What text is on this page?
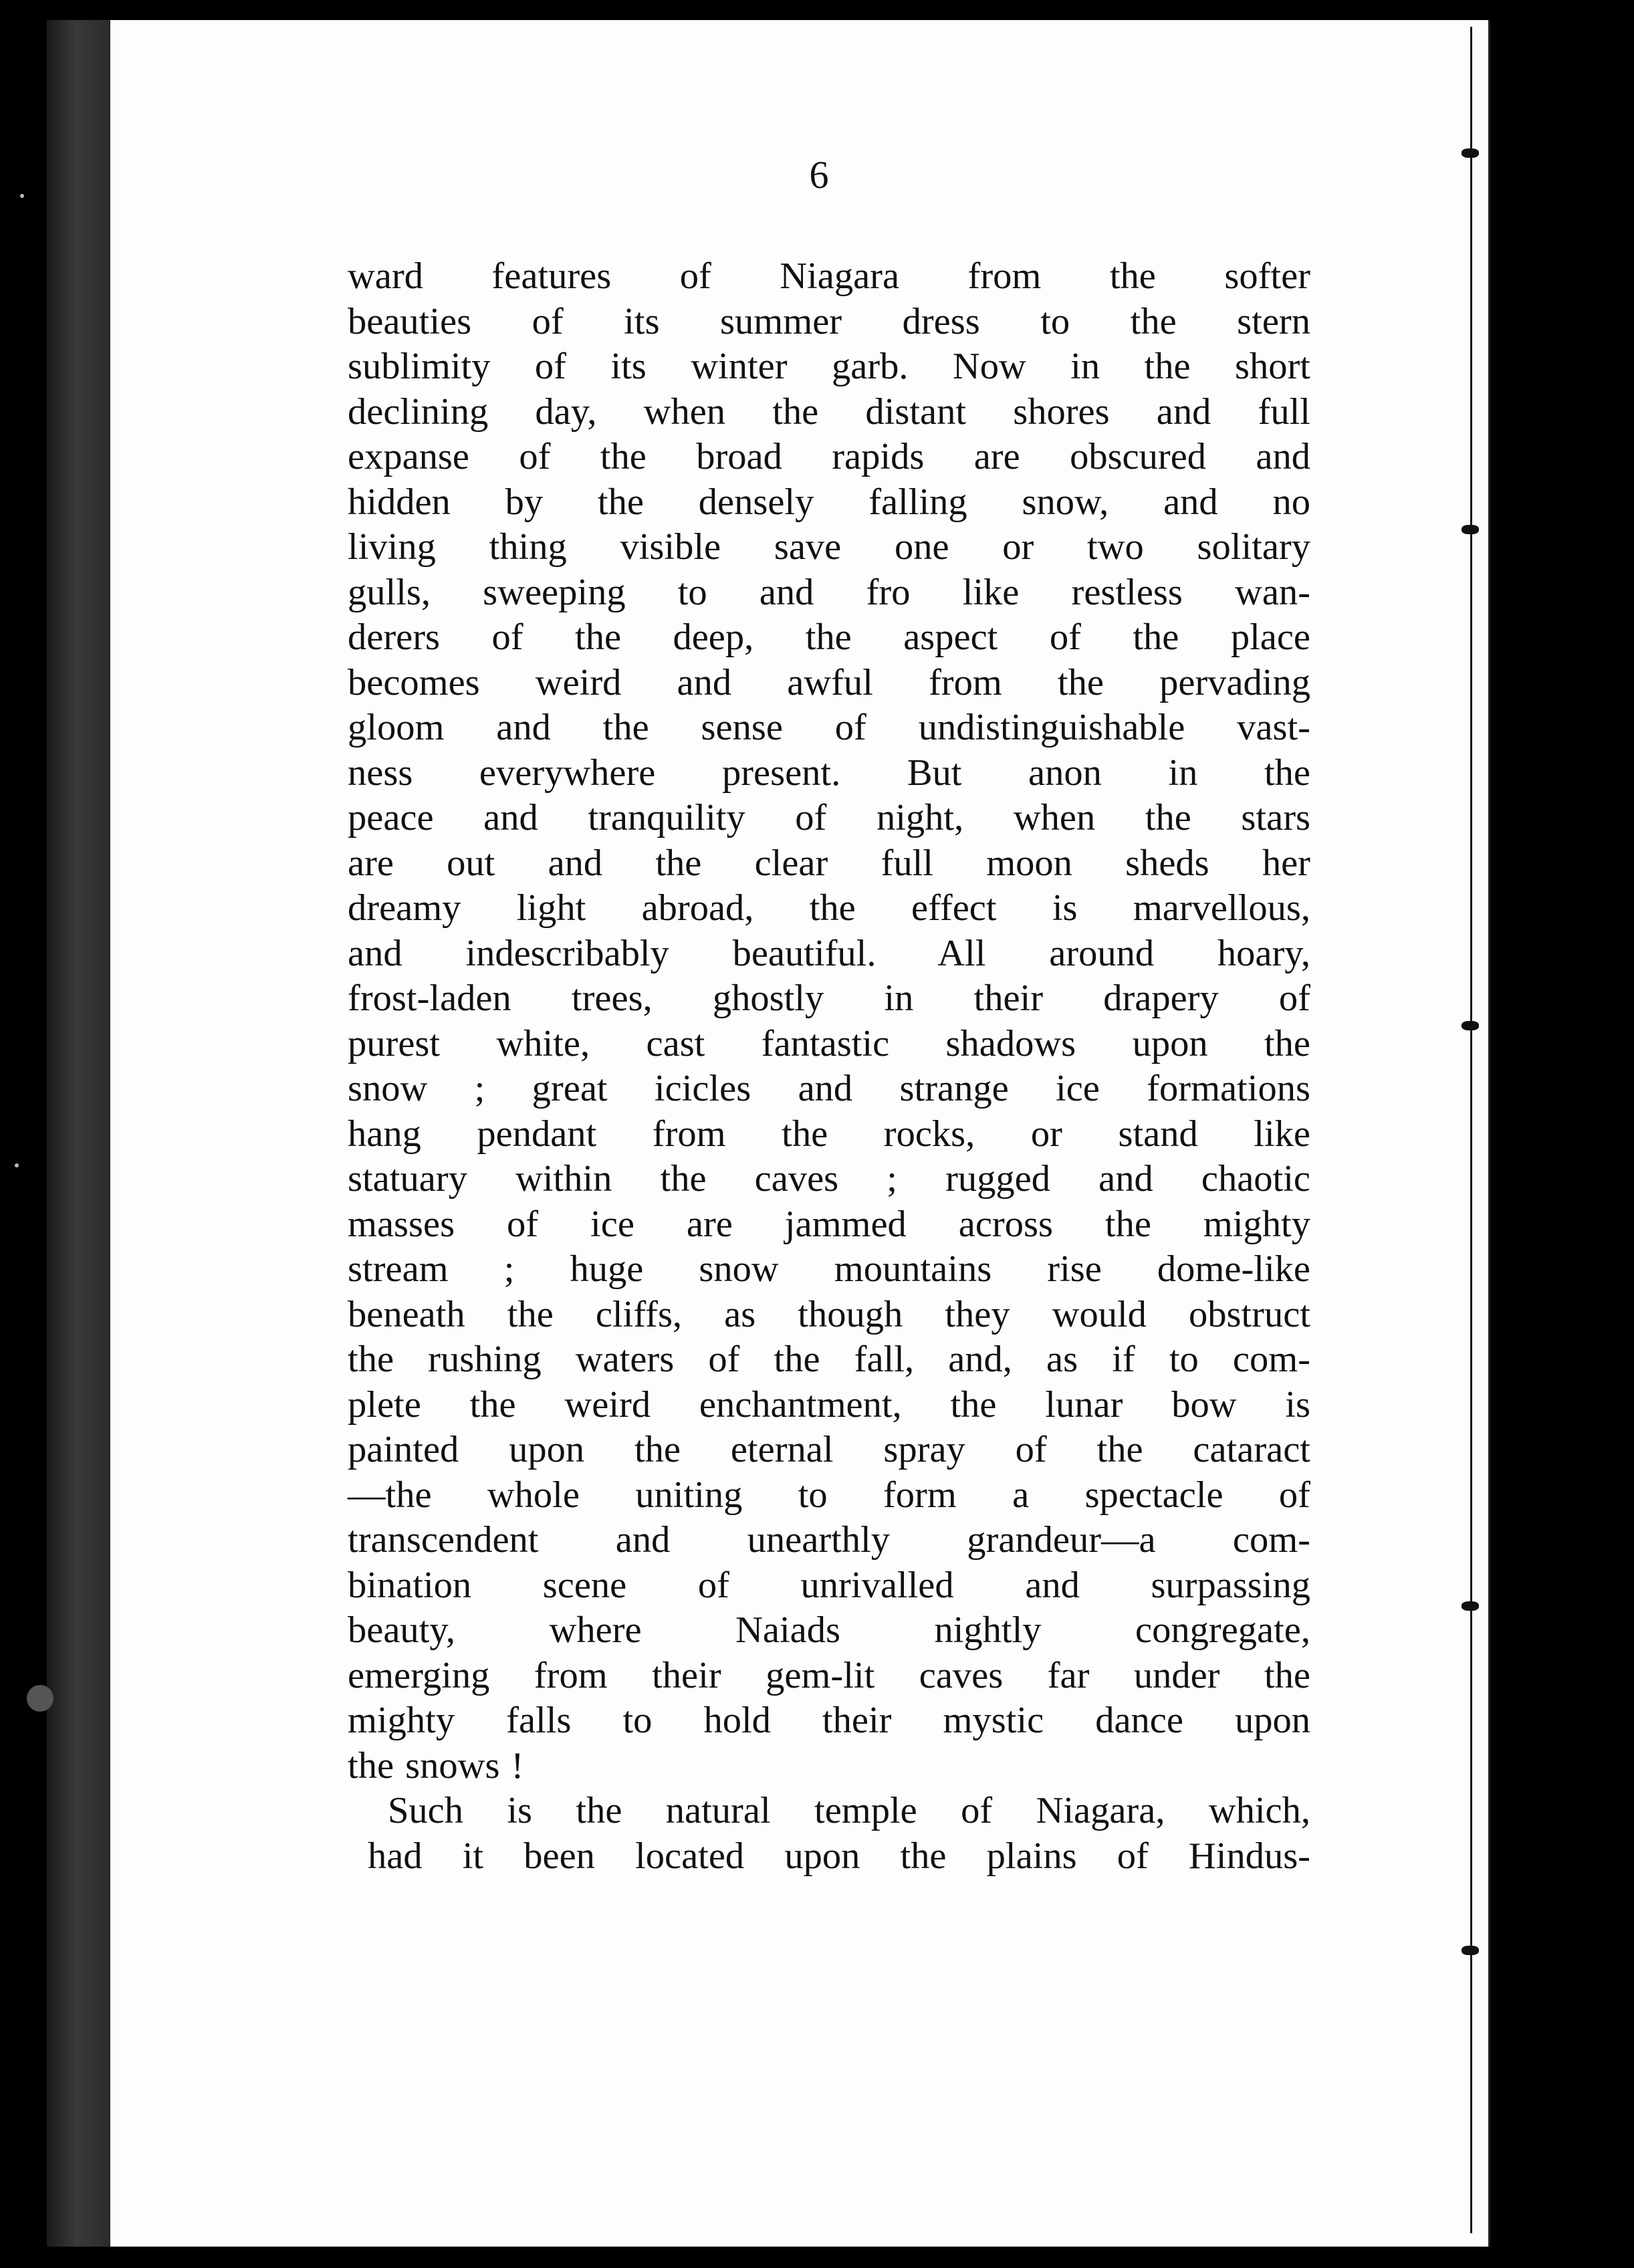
6

ward features of Niagara from the softer
beauties of its summer dress to the stern
sublimity of its winter garb. Now in the short
declining day, when the distant shores and full
expanse of the broad rapids are obscured and
hidden by the densely falling snow, and no
living thing visible save one or two solitary
gulls, sweeping to and fro like restless wan-
derers of the deep, the aspect of the place
becomes weird and awful from the pervading
gloom and the sense of undistinguishable vast-
ness everywhere present. But anon in the
peace and tranquility of night, when the stars
are out and the clear full moon sheds her
dreamy light abroad, the effect is marvellous,
and indescribably beautiful. All around hoary,
frost-laden trees, ghostly in their drapery of
purest white, cast fantastic shadows upon the
snow ; great icicles and strange ice formations
hang pendant from the rocks, or stand like
statuary within the caves ; rugged and chaotic
masses of ice are jammed across the mighty
stream ; huge snow mountains rise dome-like
beneath the cliffs, as though they would obstruct
the rushing waters of the fall, and, as if to com-
plete the weird enchantment, the lunar bow is
painted upon the eternal spray of the cataract
—the whole uniting to form a spectacle of
transcendent and unearthly grandeur—a com-
bination scene of unrivalled and surpassing
beauty, where Naiads nightly congregate,
emerging from their gem-lit caves far under the
mighty falls to hold their mystic dance upon
the snows !

Such is the natural temple of Niagara, which,
had it been located upon the plains of Hindus-
